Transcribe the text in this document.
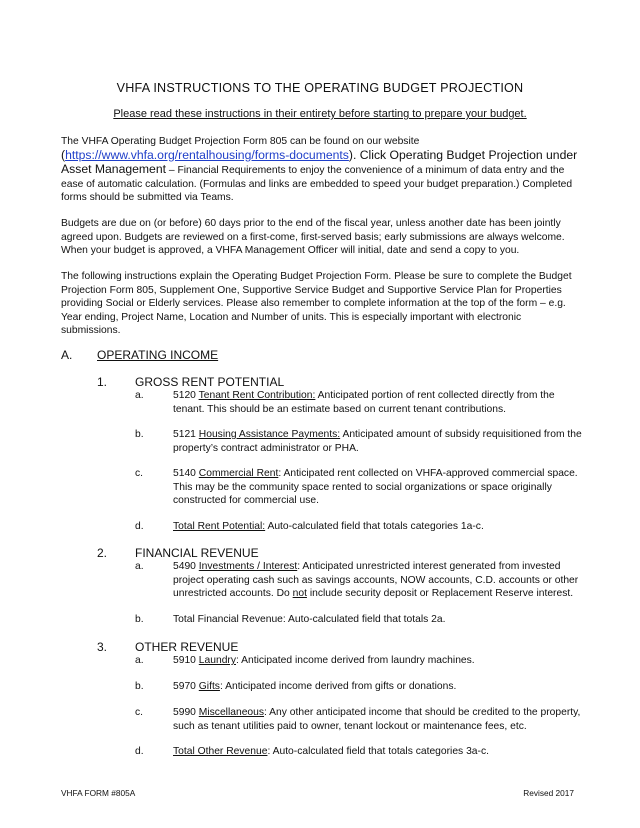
VHFA INSTRUCTIONS TO THE OPERATING BUDGET PROJECTION
Please read these instructions in their entirety before starting to prepare your budget.
The VHFA Operating Budget Projection Form 805 can be found on our website
(https://www.vhfa.org/rentalhousing/forms-documents). Click Operating Budget Projection under Asset Management – Financial Requirements to enjoy the convenience of a minimum of data entry and the ease of automatic calculation. (Formulas and links are embedded to speed your budget preparation.) Completed forms should be submitted via Teams.
Budgets are due on (or before) 60 days prior to the end of the fiscal year, unless another date has been jointly agreed upon. Budgets are reviewed on a first-come, first-served basis; early submissions are always welcome. When your budget is approved, a VHFA Management Officer will initial, date and send a copy to you.
The following instructions explain the Operating Budget Projection Form. Please be sure to complete the Budget Projection Form 805, Supplement One, Supportive Service Budget and Supportive Service Plan for Properties providing Social or Elderly services. Please also remember to complete information at the top of the form – e.g. Year ending, Project Name, Location and Number of units. This is especially important with electronic submissions.
A. OPERATING INCOME
1. GROSS RENT POTENTIAL
a.	5120 Tenant Rent Contribution: Anticipated portion of rent collected directly from the tenant. This should be an estimate based on current tenant contributions.
b.	5121 Housing Assistance Payments: Anticipated amount of subsidy requisitioned from the property’s contract administrator or PHA.
c.	5140 Commercial Rent: Anticipated rent collected on VHFA-approved commercial space. This may be the community space rented to social organizations or space originally constructed for commercial use.
d.	Total Rent Potential: Auto-calculated field that totals categories 1a-c.
2. FINANCIAL REVENUE
a.	5490 Investments / Interest: Anticipated unrestricted interest generated from invested project operating cash such as savings accounts, NOW accounts, C.D. accounts or other unrestricted accounts. Do not include security deposit or Replacement Reserve interest.
b.	Total Financial Revenue: Auto-calculated field that totals 2a.
3. OTHER REVENUE
a.	5910 Laundry: Anticipated income derived from laundry machines.
b.	5970 Gifts: Anticipated income derived from gifts or donations.
c.	5990 Miscellaneous: Any other anticipated income that should be credited to the property, such as tenant utilities paid to owner, tenant lockout or maintenance fees, etc.
d.	Total Other Revenue: Auto-calculated field that totals categories 3a-c.
VHFA FORM #805A	Revised 2017
